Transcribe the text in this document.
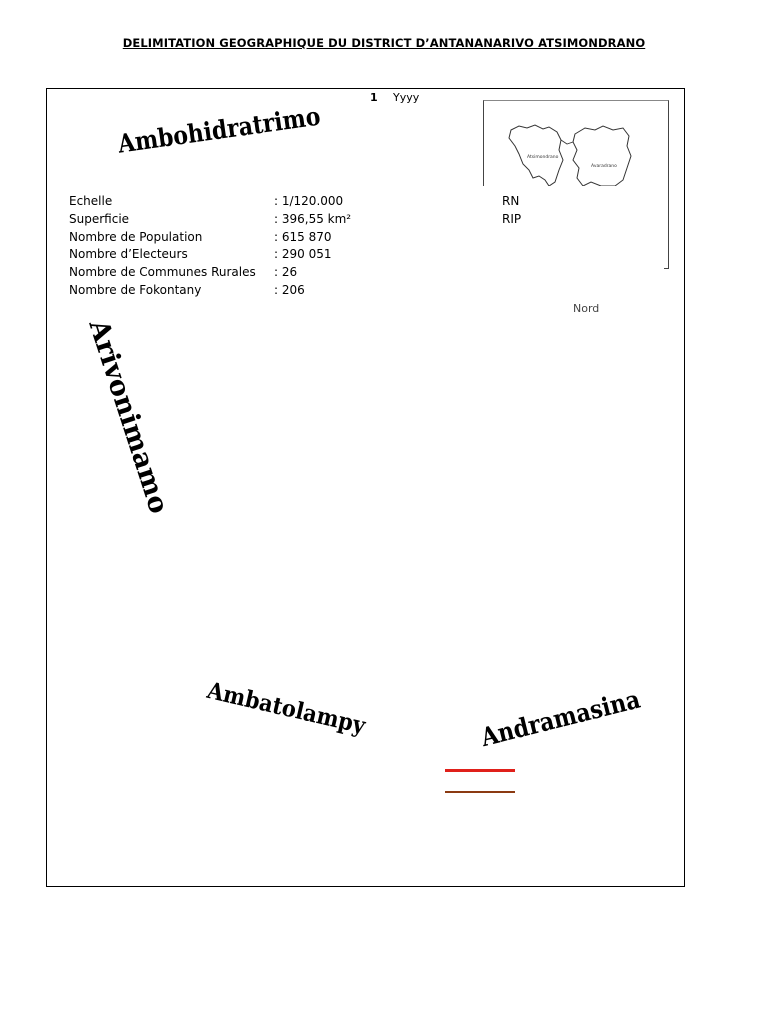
DELIMITATION GEOGRAPHIQUE DU DISTRICT D’ANTANANARIVO ATSIMONDRANO
1 Yyyy
Atsimondrano
Avaradrano
Echelle	: 1/120.000
Superficie	: 396,55 km²
Nombre de Population	: 615 870
Nombre d’Electeurs	: 290 051
Nombre de Communes Rurales : 26
Nombre de Fokontany	: 206
RN
RIP
Nord
Ambohidratrimo
Arivonimamo
Ambatolampy	Andramasina
